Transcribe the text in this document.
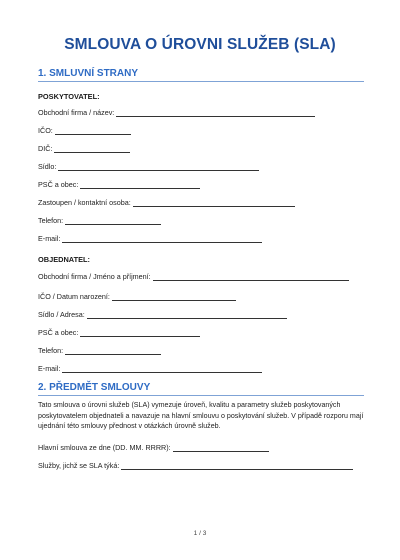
SMLOUVA O ÚROVNI SLUŽEB (SLA)
1. SMLUVNÍ STRANY
POSKYTOVATEL:
Obchodní firma / název:
IČO:
DIČ:
Sídlo:
PSČ a obec:
Zastoupen / kontaktní osoba:
Telefon:
E-mail:
OBJEDNATEL:
Obchodní firma / Jméno a příjmení:
IČO / Datum narození:
Sídlo / Adresa:
PSČ a obec:
Telefon:
E-mail:
2. PŘEDMĚT SMLOUVY
Tato smlouva o úrovni služeb (SLA) vymezuje úroveň, kvalitu a parametry služeb poskytovaných poskytovatelem objednateli a navazuje na hlavní smlouvu o poskytování služeb. V případě rozporu mají ujednání této smlouvy přednost v otázkách úrovně služeb.
Hlavní smlouva ze dne (DD. MM. RRRR):
Služby, jichž se SLA týká:
1 / 3
